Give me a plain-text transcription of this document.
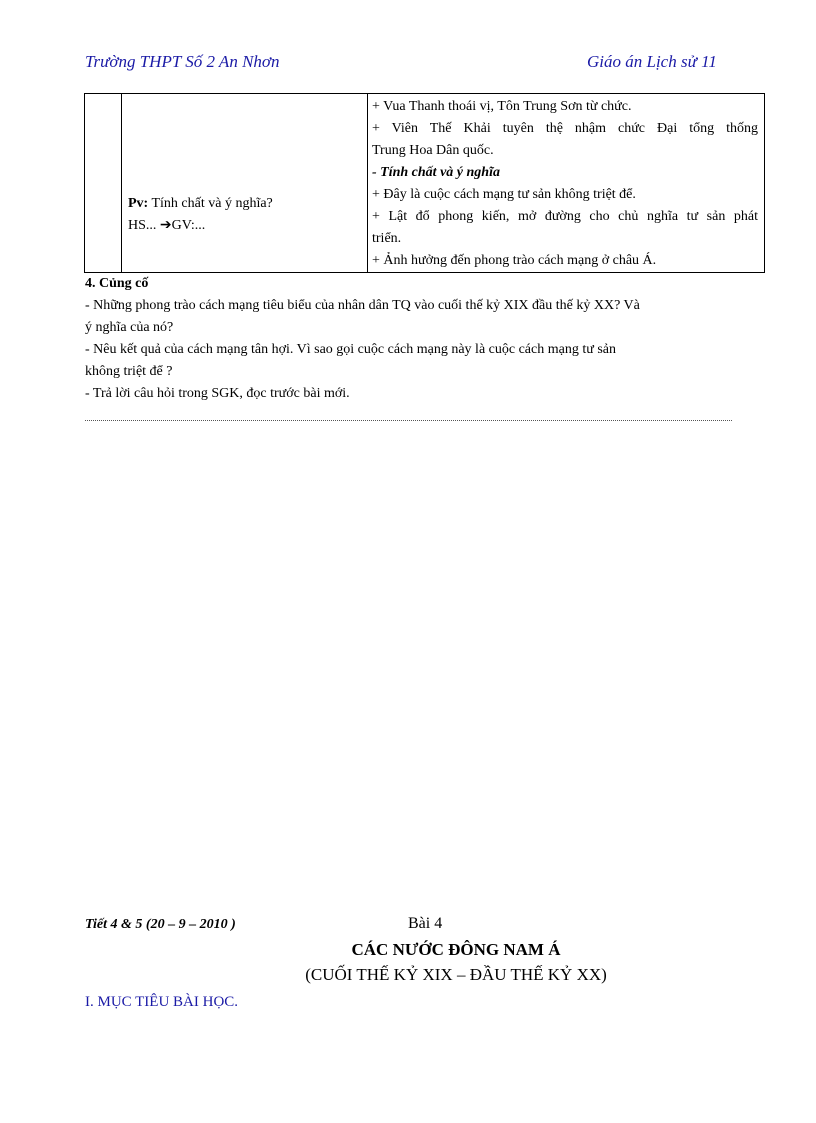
Trường THPT Số 2 An Nhơn	Giáo án Lịch sử 11

Pv: Tính chất và ý nghĩa?
HS... ➔GV:...

+ Vua Thanh thoái vị, Tôn Trung Sơn từ chức.
+ Viên Thế Khải tuyên thệ nhậm chức Đại tổng thống
Trung Hoa Dân quốc.
- Tính chất và ý nghĩa
+ Đây là cuộc cách mạng tư sản không triệt để.
+ Lật đổ phong kiến, mở đường cho chủ nghĩa tư sản phát
triển.
+ Ảnh hưởng đến phong trào cách mạng ở châu Á.
4. Củng cố
- Những phong trào cách mạng tiêu biểu của nhân dân TQ vào cuối thế kỷ XIX đầu thế kỷ XX? Và
ý nghĩa của nó?
- Nêu kết quả của cách mạng tân hợi. Vì sao gọi cuộc cách mạng này là cuộc cách mạng tư sản
không triệt để ?
- Trả lời câu hỏi trong SGK, đọc trước bài mới.
Tiết 4 & 5 (20 – 9 – 2010 )	Bài 4
CÁC NƯỚC ĐÔNG NAM Á
(CUỐI THẾ KỶ XIX – ĐẦU THẾ KỶ XX)
I. MỤC TIÊU BÀI HỌC.
